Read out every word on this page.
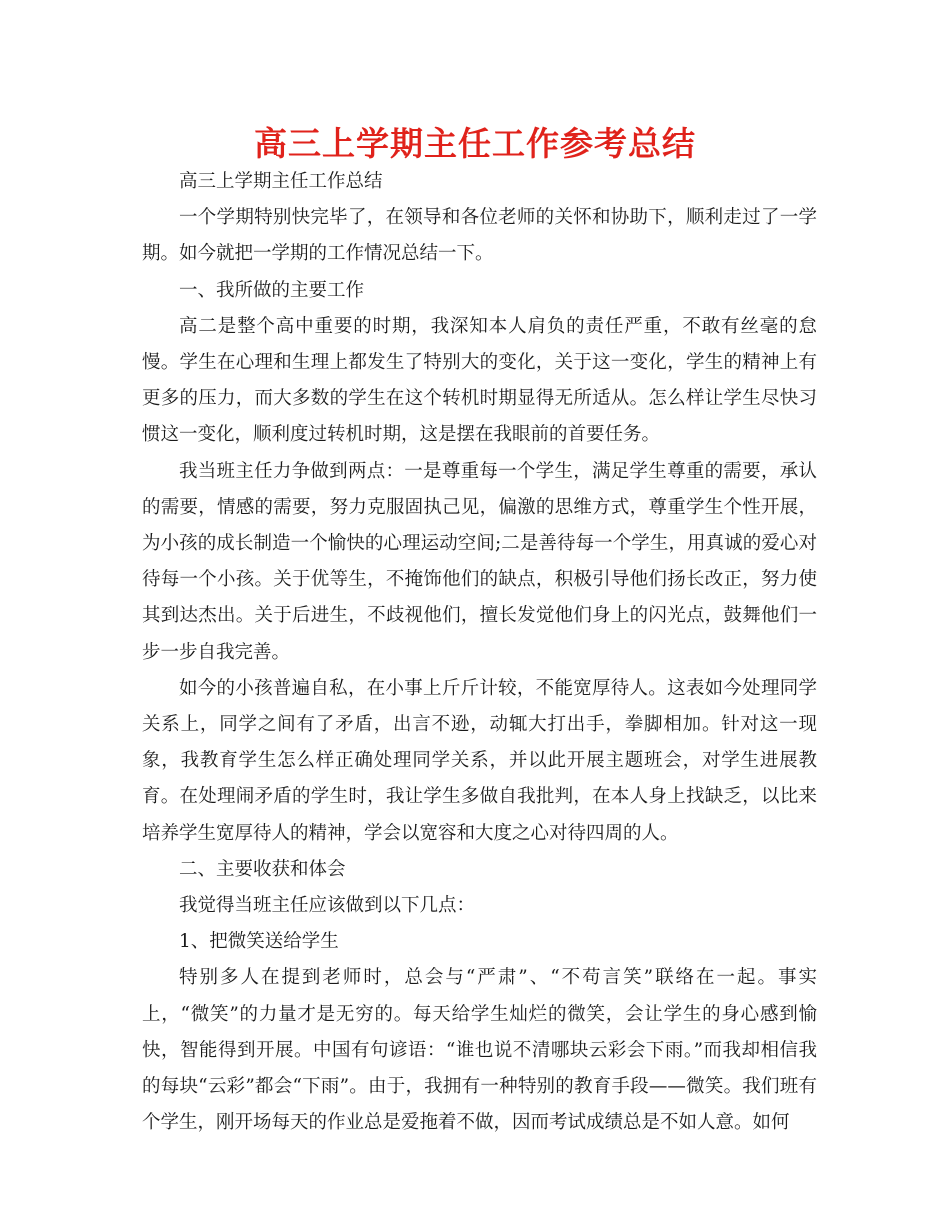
高三上学期主任工作参考总结

高三上学期主任工作总结

一个学期特别快完毕了，在领导和各位老师的关怀和协助下，顺利走过了一学期。如今就把一学期的工作情况总结一下。

一、我所做的主要工作

高二是整个高中重要的时期，我深知本人肩负的责任严重，不敢有丝毫的怠慢。学生在心理和生理上都发生了特别大的变化，关于这一变化，学生的精神上有更多的压力，而大多数的学生在这个转机时期显得无所适从。怎么样让学生尽快习惯这一变化，顺利度过转机时期，这是摆在我眼前的首要任务。

我当班主任力争做到两点：一是尊重每一个学生，满足学生尊重的需要，承认的需要，情感的需要，努力克服固执己见，偏激的思维方式，尊重学生个性开展，为小孩的成长制造一个愉快的心理运动空间;二是善待每一个学生，用真诚的爱心对待每一个小孩。关于优等生，不掩饰他们的缺点，积极引导他们扬长改正，努力使其到达杰出。关于后进生，不歧视他们，擅长发觉他们身上的闪光点，鼓舞他们一步一步自我完善。

如今的小孩普遍自私，在小事上斤斤计较，不能宽厚待人。这表如今处理同学关系上，同学之间有了矛盾，出言不逊，动辄大打出手，拳脚相加。针对这一现象，我教育学生怎么样正确处理同学关系，并以此开展主题班会，对学生进展教育。在处理闹矛盾的学生时，我让学生多做自我批判，在本人身上找缺乏，以比来培养学生宽厚待人的精神，学会以宽容和大度之心对待四周的人。

二、主要收获和体会

我觉得当班主任应该做到以下几点：

1、把微笑送给学生

特别多人在提到老师时，总会与“严肃”、“不苟言笑”联络在一起。事实上，“微笑”的力量才是无穷的。每天给学生灿烂的微笑，会让学生的身心感到愉快，智能得到开展。中国有句谚语：“谁也说不清哪块云彩会下雨。”而我却相信我的每块“云彩”都会“下雨”。由于，我拥有一种特别的教育手段——微笑。我们班有个学生，刚开场每天的作业总是爱拖着不做，因而考试成绩总是不如人意。如何
